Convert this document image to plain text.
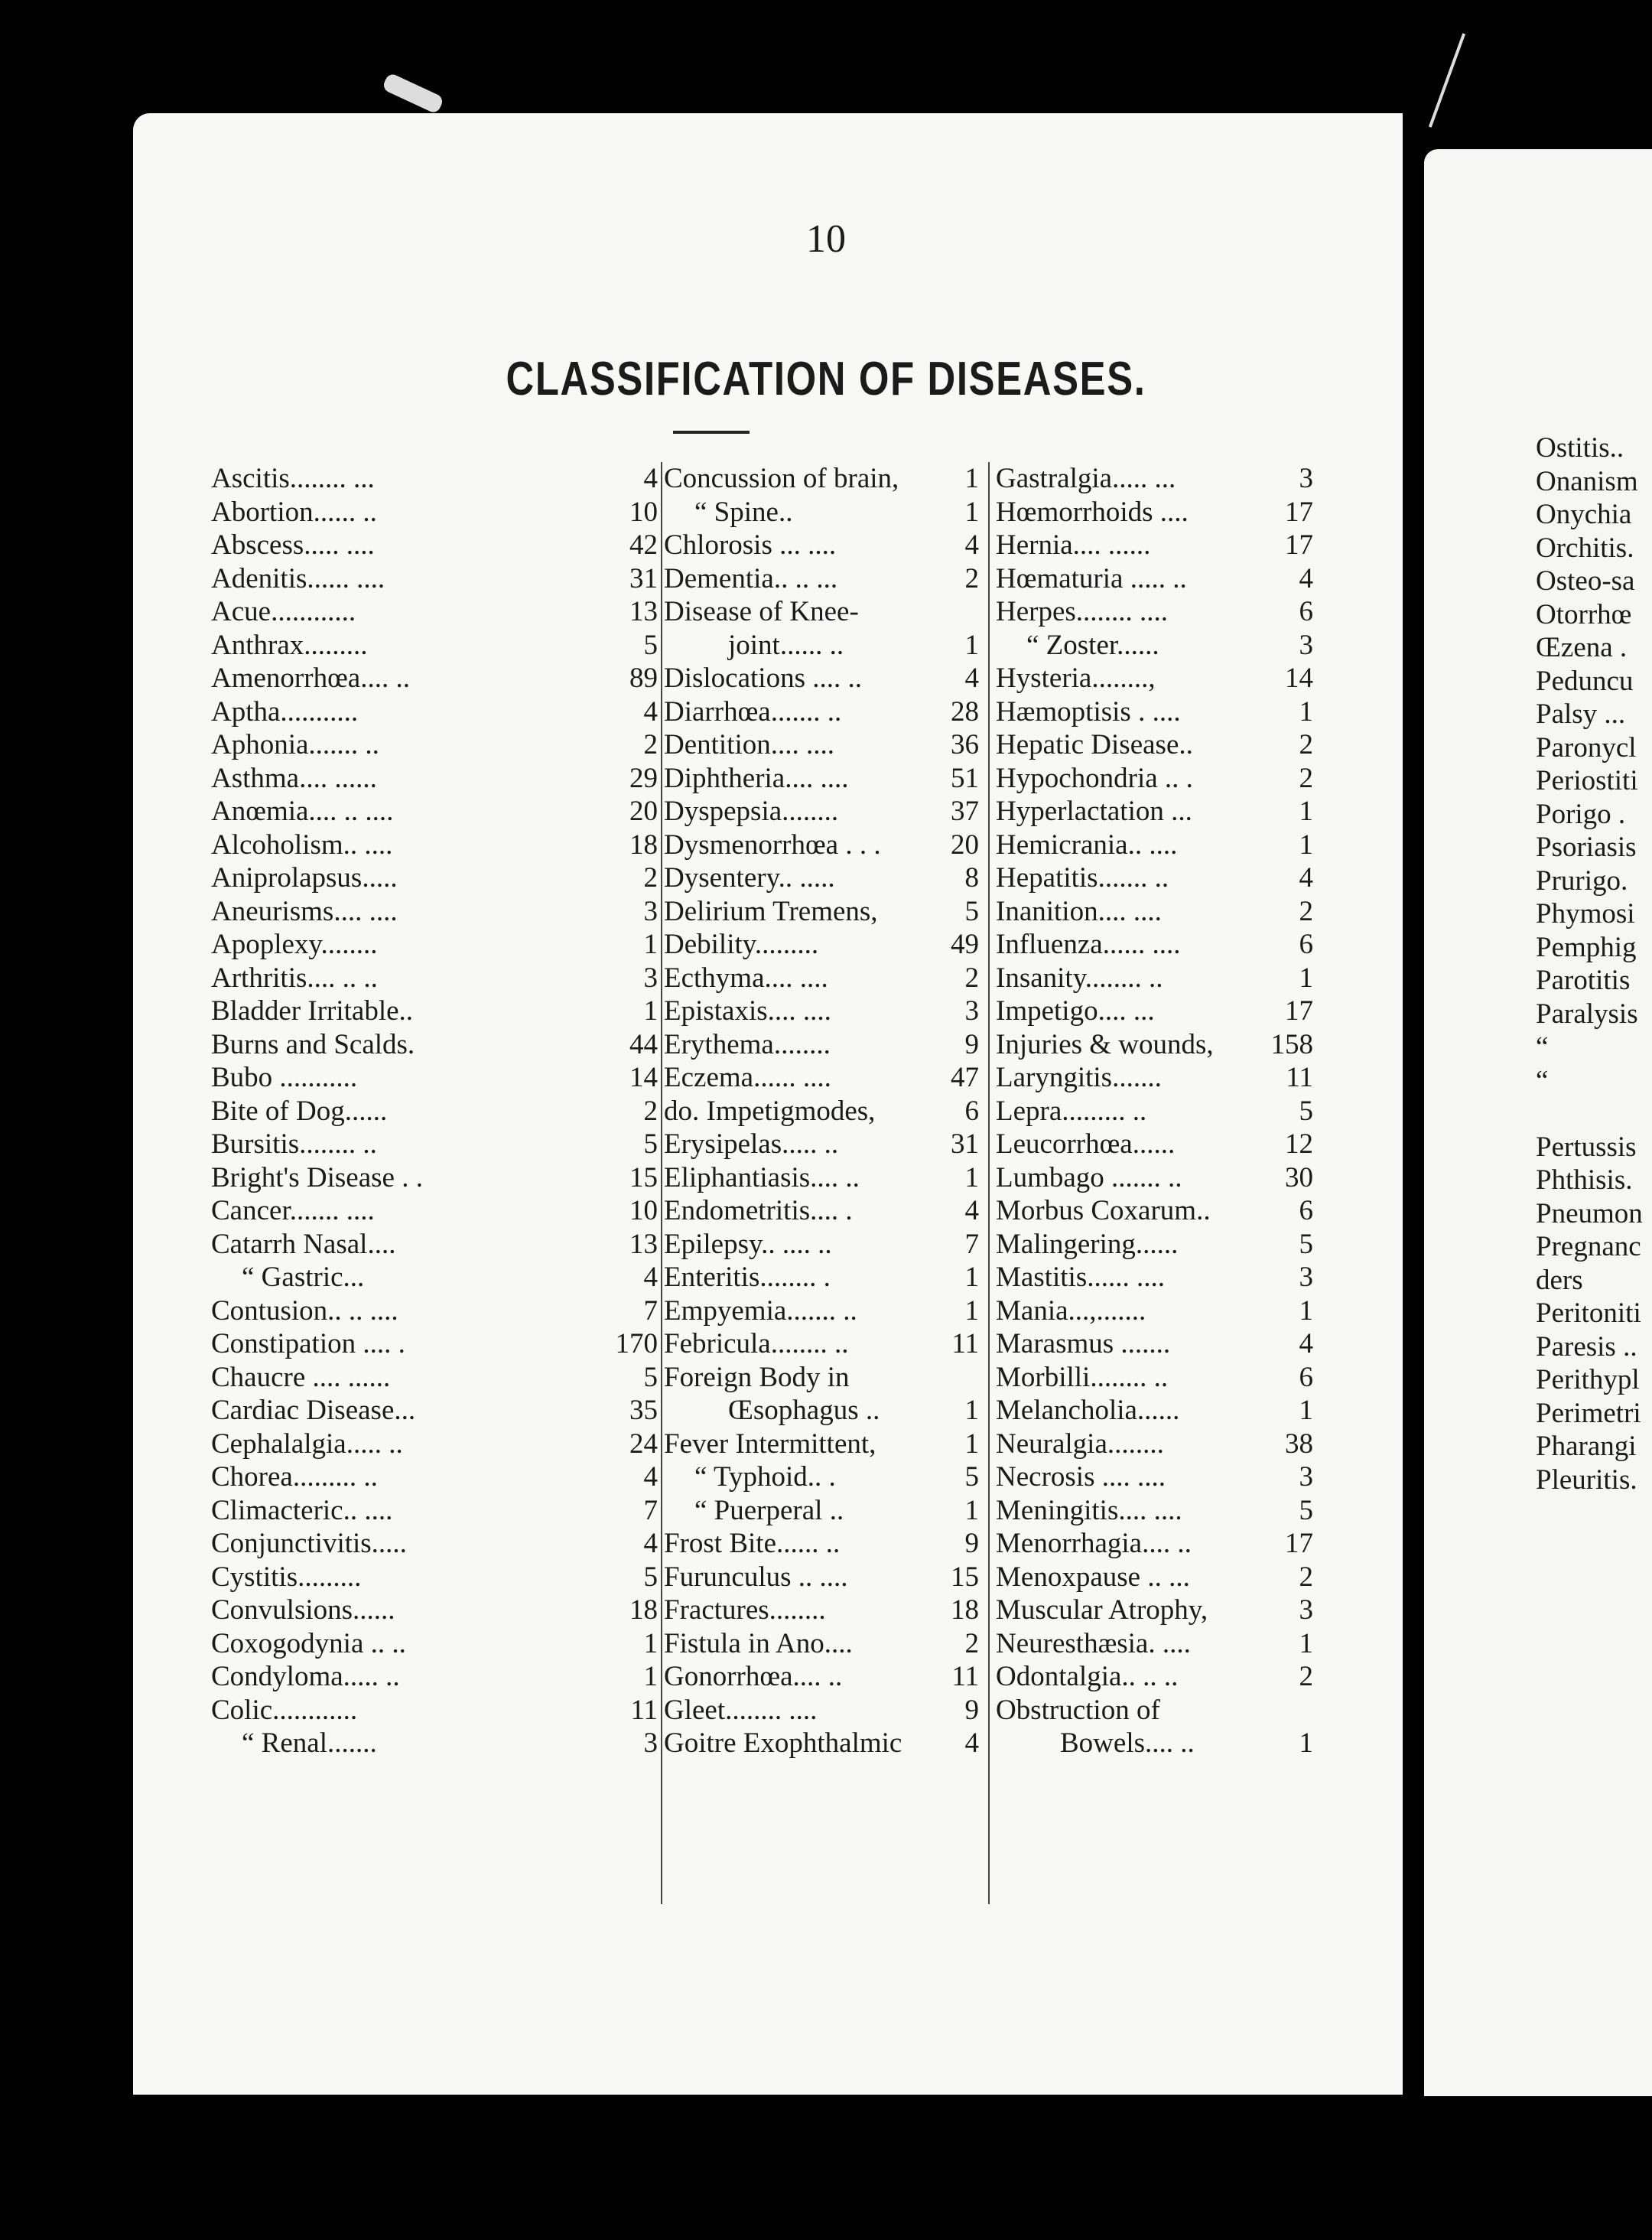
10
CLASSIFICATION OF DISEASES.
Ascitis........ ...	4
Abortion...... ..	10
Abscess..... ....	42
Adenitis...... ....	31
Acue............	13
Anthrax.........	5
Amenorrhœa.... ..	89
Aptha...........	4
Aphonia....... ..	2
Asthma.... ......	29
Anœmia.... .. ....	20
Alcoholism.. ....	18
Aniprolapsus.....	2
Aneurisms.... ....	3
Apoplexy........	1
Arthritis.... .. ..	3
Bladder Irritable..	1
Burns and Scalds.	44
Bubo ...........	14
Bite of Dog......	2
Bursitis........ ..	5
Bright's Disease . .	15
Cancer....... ....	10
Catarrh Nasal....	13
“ Gastric...	4
Contusion.. .. ....	7
Constipation .... .	170
Chaucre .... ......	5
Cardiac Disease...	35
Cephalalgia..... ..	24
Chorea......... ..	4
Climacteric.. ....	7
Conjunctivitis.....	4
Cystitis.........	5
Convulsions......	18
Coxogodynia .. ..	1
Condyloma..... ..	1
Colic............	11
“ Renal.......	3
Concussion of brain, 1
“ Spine..	1
Chlorosis ... ....	4
Dementia.. .. ...	2
Disease of Knee-
joint...... ..	1
Dislocations .... ..	4
Diarrhœa....... ..	28
Dentition.... ....	36
Diphtheria.... ....	51
Dyspepsia........	37
Dysmenorrhœa . . . 20
Dysentery.. .....	8
Delirium Tremens,	5
Debility.........	49
Ecthyma.... ....	2
Epistaxis.... ....	3
Erythema........	9
Eczema...... ....	47
do. Impetigmodes,	6
Erysipelas..... ..	31
Eliphantiasis.... ..	1
Endometritis.... .	4
Epilepsy.. .... ..	7
Enteritis........ .	1
Empyemia....... ..	1
Febricula........ ..	11
Foreign Body in
Œsophagus ..	1
Fever Intermittent,	1
“ Typhoid.. .	5
“ Puerperal ..	1
Frost Bite...... ..	9
Furunculus .. ....	15
Fractures........	18
Fistula in Ano....	2
Gonorrhœa.... ..	11
Gleet........ ....	9
Goitre Exophthalmic 4
Gastralgia..... ...	3
Hœmorrhoids ....	17
Hernia.... ......	17
Hœmaturia ..... ..	4
Herpes........ ....	6
“ Zoster......	3
Hysteria........,	14
Hæmoptisis . ....	1
Hepatic Disease..	2
Hypochondria .. .	2
Hyperlactation ...	1
Hemicrania.. ....	1
Hepatitis....... ..	4
Inanition.... ....	2
Influenza...... ....	6
Insanity........ ..	1
Impetigo.... ...	17
Injuries & wounds, 158
Laryngitis.......	11
Lepra......... ..	5
Leucorrhœa......	12
Lumbago ....... ..	30
Morbus Coxarum..	6
Malingering......	5
Mastitis...... ....	3
Mania...,.......	1
Marasmus .......	4
Morbilli........ ..	6
Melancholia......	1
Neuralgia........	38
Necrosis .... ....	3
Meningitis.... ....	5
Menorrhagia.... ..	17
Menoxpause .. ...	2
Muscular Atrophy,	3
Neuresthæsia. ....	1
Odontalgia.. .. ..	2
Obstruction of
Bowels.... ..	1
Ostitis..
Onanism
Onychia
Orchitis.
Osteo-sa
Otorrhœ
Œzena .
Peduncu
Palsy ...
Paronycl
Periostiti
Porigo .
Psoriasis
Prurigo.
Phymosi
Pemphig
Parotitis
Paralysis
“
“
Pertussis
Phthisis.
Pneumon
Pregnanc
ders
Peritoniti
Paresis ..
Perithypl
Perimetri
Pharangi
Pleuritis.
